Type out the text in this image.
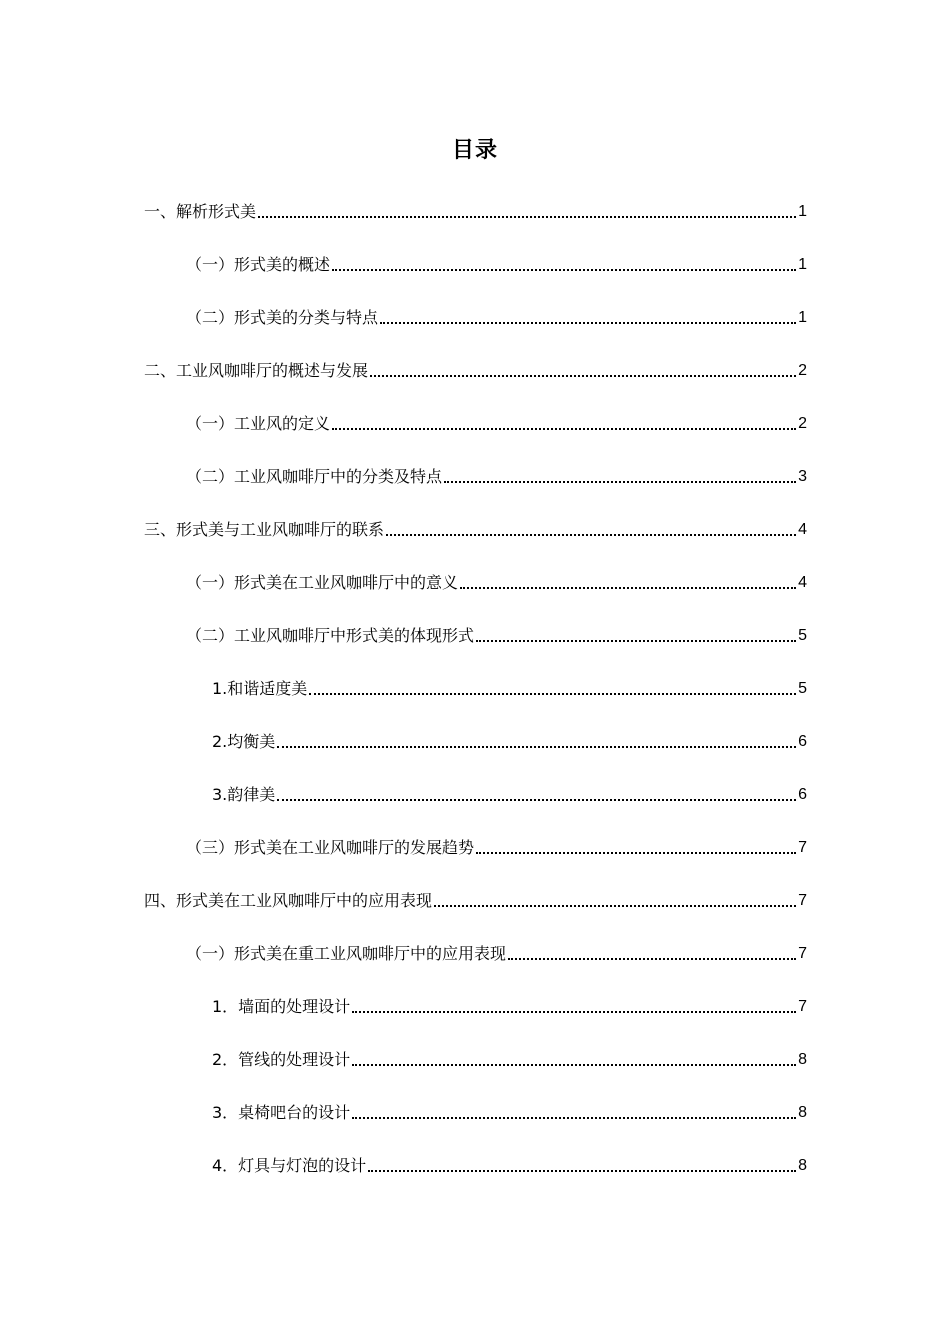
目录
一、解析形式美	1
（一）形式美的概述	1
（二）形式美的分类与特点	1
二、工业风咖啡厅的概述与发展	2
（一）工业风的定义	2
（二）工业风咖啡厅中的分类及特点	3
三、形式美与工业风咖啡厅的联系	4
（一）形式美在工业风咖啡厅中的意义	4
（二）工业风咖啡厅中形式美的体现形式	5
1.和谐适度美	5
2.均衡美	6
3.韵律美	6
（三）形式美在工业风咖啡厅的发展趋势	7
四、形式美在工业风咖啡厅中的应用表现	7
（一）形式美在重工业风咖啡厅中的应用表现	7
1．墙面的处理设计	7
2．管线的处理设计	8
3．桌椅吧台的设计	8
4．灯具与灯泡的设计	8
